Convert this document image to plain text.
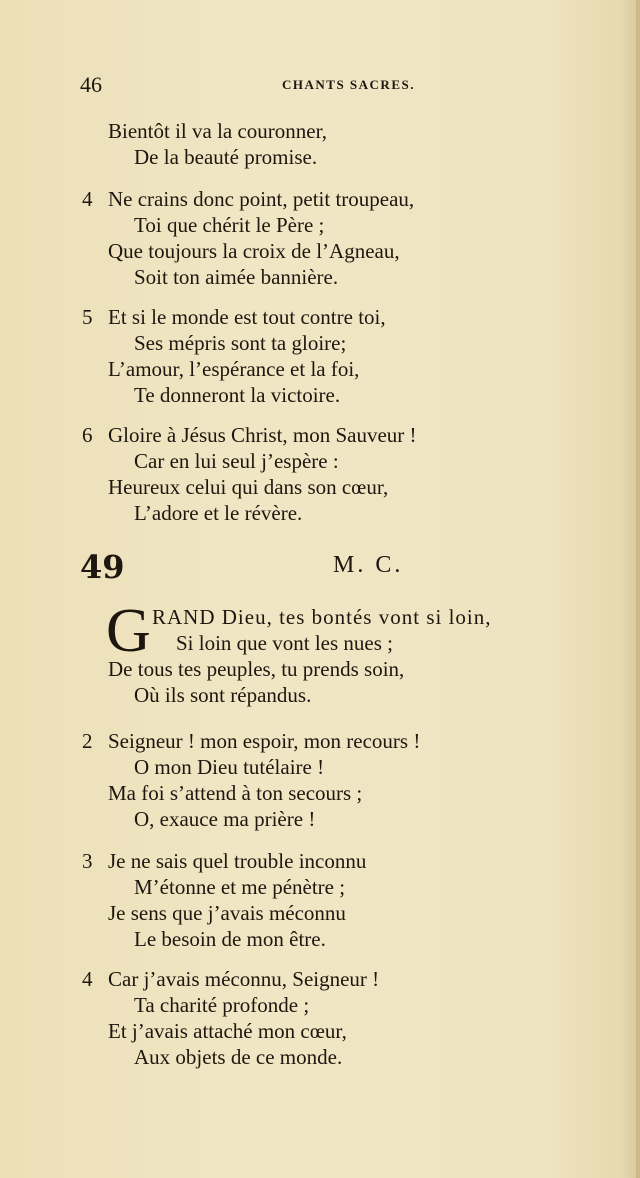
46	CHANTS SACRES.
Bientôt il va la couronner,
De la beauté promise.
4 Ne crains donc point, petit troupeau,
Toi que chérit le Père ;
Que toujours la croix de l’Agneau,
Soit ton aimée bannière.
5 Et si le monde est tout contre toi,
Ses mépris sont ta gloire;
L’amour, l’espérance et la foi,
Te donneront la victoire.
6 Gloire à Jésus Christ, mon Sauveur !
Car en lui seul j’espère :
Heureux celui qui dans son cœur,
L’adore et le révère.
49	M. C.
G RAND Dieu, tes bontés vont si loin,
Si loin que vont les nues ;
De tous tes peuples, tu prends soin,
Où ils sont répandus.
2 Seigneur ! mon espoir, mon recours !
O mon Dieu tutélaire !
Ma foi s’attend à ton secours ;
O, exauce ma prière !
3 Je ne sais quel trouble inconnu
M’étonne et me pénètre ;
Je sens que j’avais méconnu
Le besoin de mon être.
4 Car j’avais méconnu, Seigneur !
Ta charité profonde ;
Et j’avais attaché mon cœur,
Aux objets de ce monde.
